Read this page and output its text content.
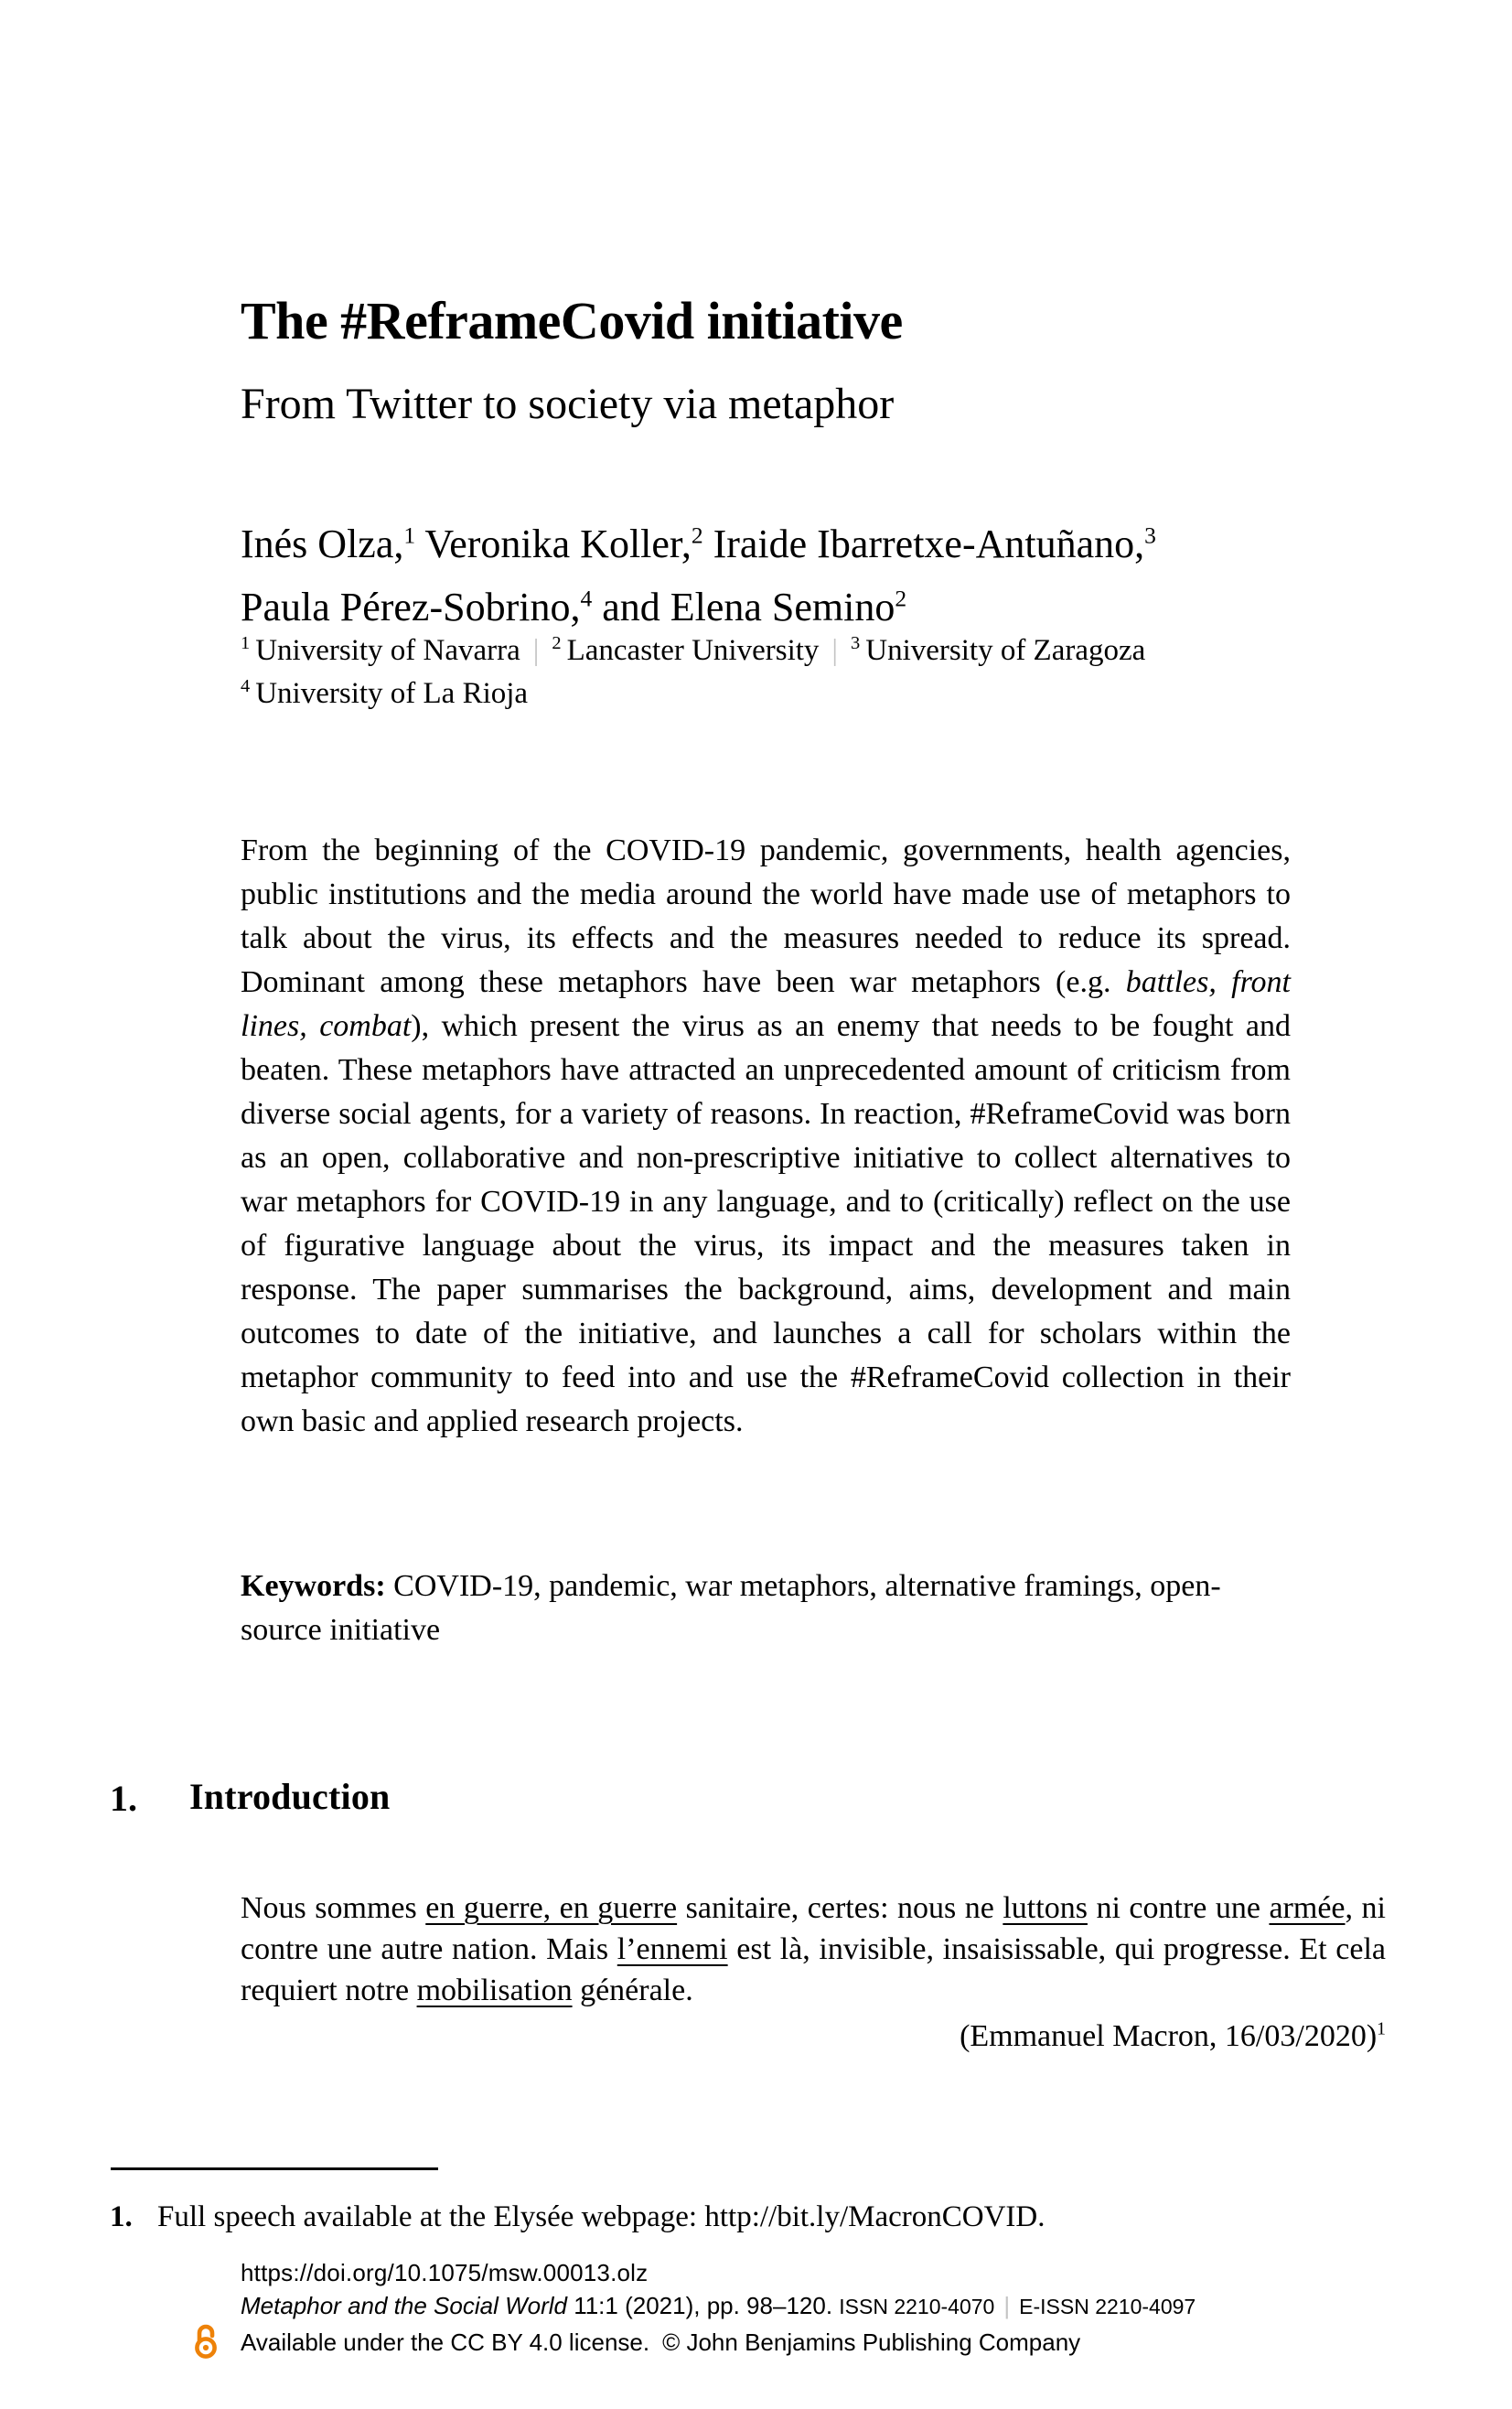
The #ReframeCovid initiative
From Twitter to society via metaphor
Inés Olza,$^1$ Veronika Koller,$^2$ Iraide Ibarretxe-Antuñano,$^3$
Paula Pérez-Sobrino,$^4$ and Elena Semino$^2$
$^1$ University of Navarra | $^2$ Lancaster University | $^3$ University of Zaragoza
$^4$ University of La Rioja
From the beginning of the COVID-19 pandemic, governments, health agencies, public institutions and the media around the world have made use of metaphors to talk about the virus, its effects and the measures needed to reduce its spread. Dominant among these metaphors have been war metaphors (e.g. battles, front lines, combat), which present the virus as an enemy that needs to be fought and beaten. These metaphors have attracted an unprecedented amount of criticism from diverse social agents, for a variety of reasons. In reaction, #ReframeCovid was born as an open, collaborative and non-prescriptive initiative to collect alternatives to war metaphors for COVID-19 in any language, and to (critically) reflect on the use of figurative language about the virus, its impact and the measures taken in response. The paper summarises the background, aims, development and main outcomes to date of the initiative, and launches a call for scholars within the metaphor community to feed into and use the #ReframeCovid collection in their own basic and applied research projects.
Keywords: COVID-19, pandemic, war metaphors, alternative framings, open-source initiative
1. Introduction
Nous sommes en guerre, en guerre sanitaire, certes: nous ne luttons ni contre une armée, ni contre une autre nation. Mais l’ennemi est là, invisible, insaisissable, qui progresse. Et cela requiert notre mobilisation générale.
(Emmanuel Macron, 16/03/2020)$^1$
1. Full speech available at the Elysée webpage: http://bit.ly/MacronCOVID.
https://doi.org/10.1075/msw.00013.olz
Metaphor and the Social World 11:1 (2021), pp. 98–120. ISSN 2210-4070 | E-ISSN 2210-4097
Available under the CC BY 4.0 license. © John Benjamins Publishing Company
